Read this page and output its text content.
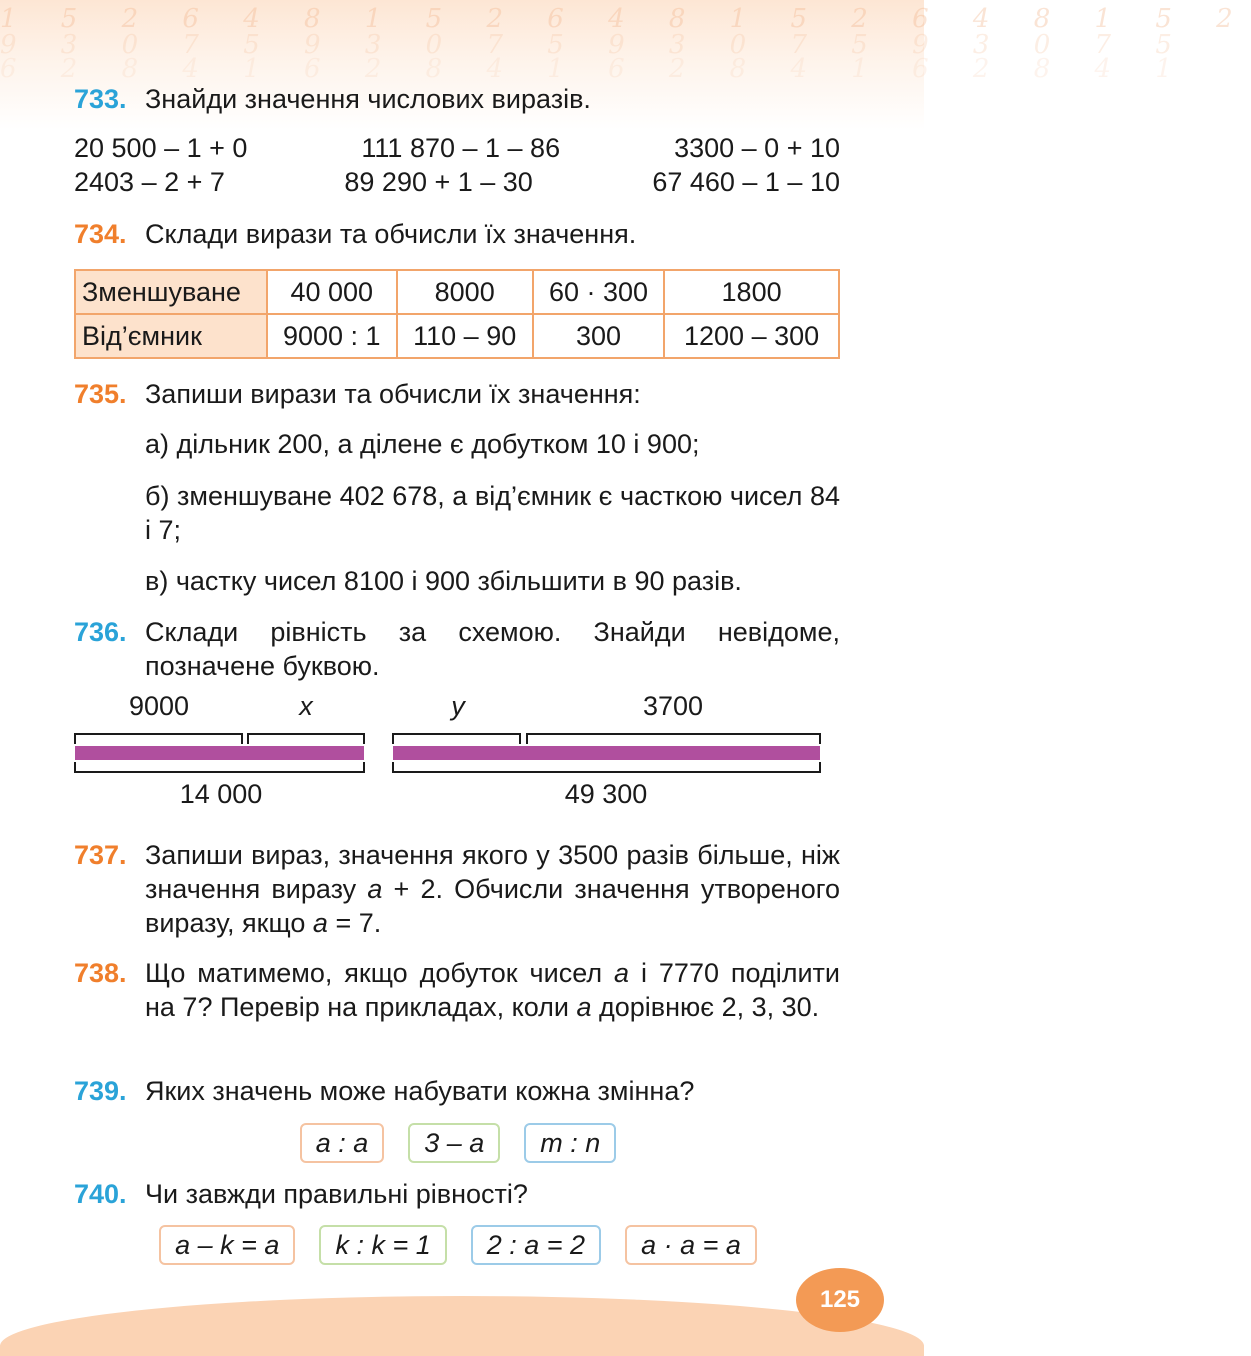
1 5 2 6 4 8 1 5 2 6 4 8 1 5 2 6 4 8 1 5 2
9 3 0 7 5 9 3 0 7 5 9 3 0 7 5 9 3 0 7 5
6 2 8 4 1 6 2 8 4 1 6 2 8 4 1 6 2 8 4 1
733. Знайди значення числових виразів.
20 500 – 1 + 0	111 870 – 1 – 86	3300 – 0 + 10
2403 – 2 + 7	89 290 + 1 – 30	67 460 – 1 – 10
734. Склади вирази та обчисли їх значення.
Зменшуване	40 000	8000	60 · 300	1800
Від’ємник	9000 : 1	110 – 90	300	1200 – 300
735. Запиши вирази та обчисли їх значення:
а) дільник 200, а ділене є добутком 10 і 900;
б) зменшуване 402 678, а від’ємник є часткою чисел 84 і 7;
в) частку чисел 8100 і 900 збільшити в 90 разів.
736. Склади рівність за схемою. Знайди невідоме, позначене буквою.
9000	x
14 000
y	3700
49 300
737. Запиши вираз, значення якого у 3500 разів більше, ніж значення виразу a + 2. Обчисли значення утвореного виразу, якщо a = 7.
738. Що матимемо, якщо добуток чисел a і 7770 поділити на 7? Перевір на прикладах, коли a дорівнює 2, 3, 30.
739. Яких значень може набувати кожна змінна?
a : a	3 – a	m : n
740. Чи завжди правильні рівності?
a – k = a	k : k = 1	2 : a = 2	a · a = a
125
